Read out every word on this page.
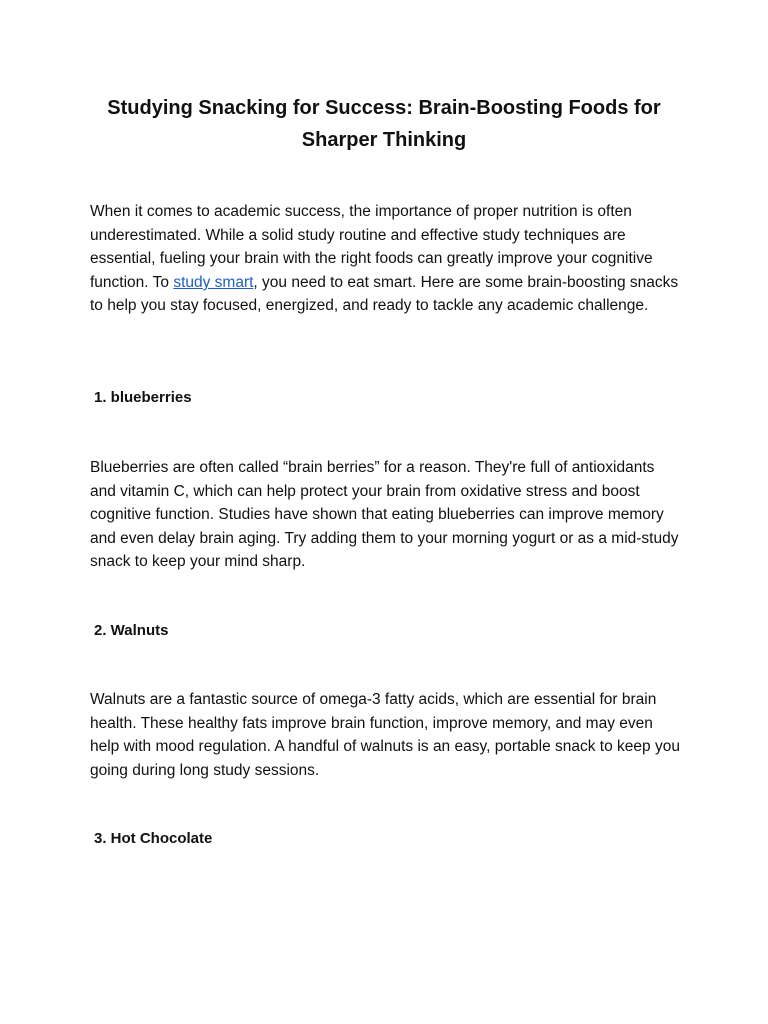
Studying Snacking for Success: Brain-Boosting Foods for
Sharper Thinking

When it comes to academic success, the importance of proper nutrition is often underestimated. While a solid study routine and effective study techniques are essential, fueling your brain with the right foods can greatly improve your cognitive function. To study smart, you need to eat smart. Here are some brain-boosting snacks to help you stay focused, energized, and ready to tackle any academic challenge.

1. blueberries

Blueberries are often called “brain berries” for a reason. They're full of antioxidants and vitamin C, which can help protect your brain from oxidative stress and boost cognitive function. Studies have shown that eating blueberries can improve memory and even delay brain aging. Try adding them to your morning yogurt or as a mid-study snack to keep your mind sharp.

2. Walnuts

Walnuts are a fantastic source of omega-3 fatty acids, which are essential for brain health. These healthy fats improve brain function, improve memory, and may even help with mood regulation. A handful of walnuts is an easy, portable snack to keep you going during long study sessions.

3. Hot Chocolate
